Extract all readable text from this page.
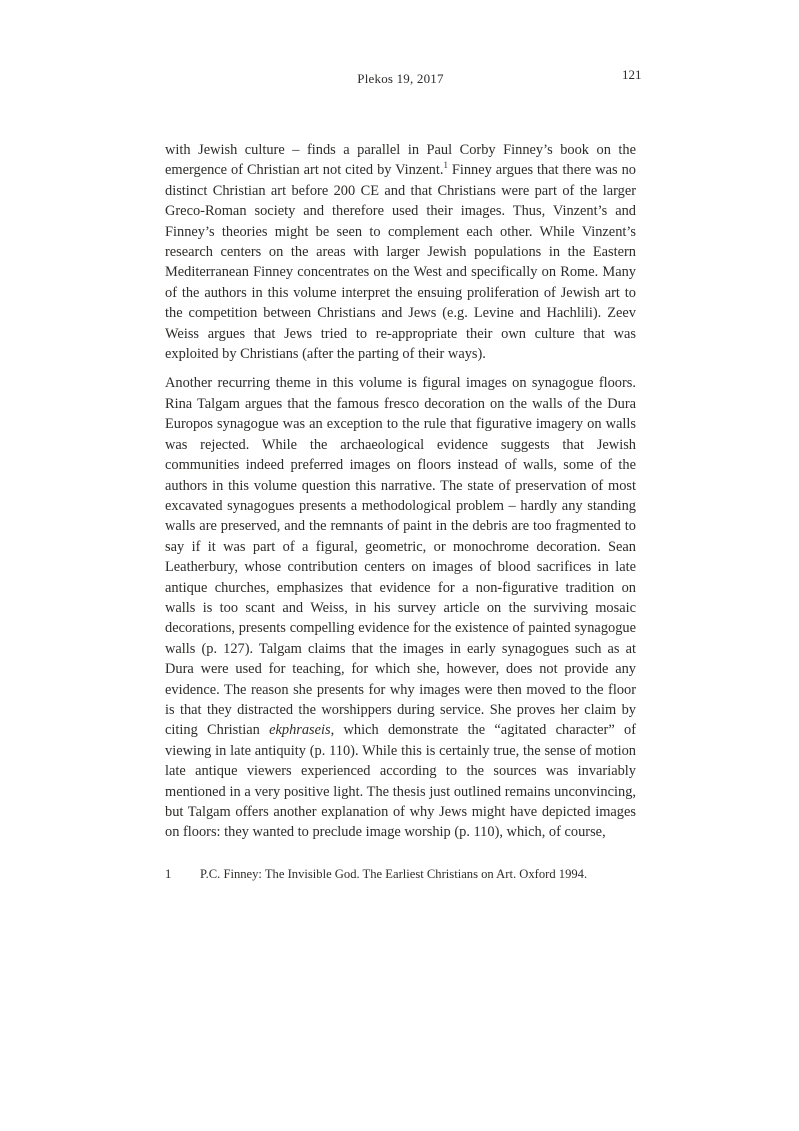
Plekos 19, 2017	121

with Jewish culture – finds a parallel in Paul Corby Finney’s book on the emergence of Christian art not cited by Vinzent.$^1$ Finney argues that there was no distinct Christian art before 200 CE and that Christians were part of the larger Greco-Roman society and therefore used their images. Thus, Vinzent’s and Finney’s theories might be seen to complement each other. While Vinzent’s research centers on the areas with larger Jewish populations in the Eastern Mediterranean Finney concentrates on the West and specifically on Rome. Many of the authors in this volume interpret the ensuing proliferation of Jewish art to the competition between Christians and Jews (e.g. Levine and Hachlili). Zeev Weiss argues that Jews tried to re-appropriate their own culture that was exploited by Christians (after the parting of their ways).

Another recurring theme in this volume is figural images on synagogue floors. Rina Talgam argues that the famous fresco decoration on the walls of the Dura Europos synagogue was an exception to the rule that figurative imagery on walls was rejected. While the archaeological evidence suggests that Jewish communities indeed preferred images on floors instead of walls, some of the authors in this volume question this narrative. The state of preservation of most excavated synagogues presents a methodological problem – hardly any standing walls are preserved, and the remnants of paint in the debris are too fragmented to say if it was part of a figural, geometric, or monochrome decoration. Sean Leatherbury, whose contribution centers on images of blood sacrifices in late antique churches, emphasizes that evidence for a non-figurative tradition on walls is too scant and Weiss, in his survey article on the surviving mosaic decorations, presents compelling evidence for the existence of painted synagogue walls (p. 127). Talgam claims that the images in early synagogues such as at Dura were used for teaching, for which she, however, does not provide any evidence. The reason she presents for why images were then moved to the floor is that they distracted the worshippers during service. She proves her claim by citing Christian ekphraseis, which demonstrate the “agitated character” of viewing in late antiquity (p. 110). While this is certainly true, the sense of motion late antique viewers experienced according to the sources was invariably mentioned in a very positive light. The thesis just outlined remains unconvincing, but Talgam offers another explanation of why Jews might have depicted images on floors: they wanted to preclude image worship (p. 110), which, of course,

1	P.C. Finney: The Invisible God. The Earliest Christians on Art. Oxford 1994.
